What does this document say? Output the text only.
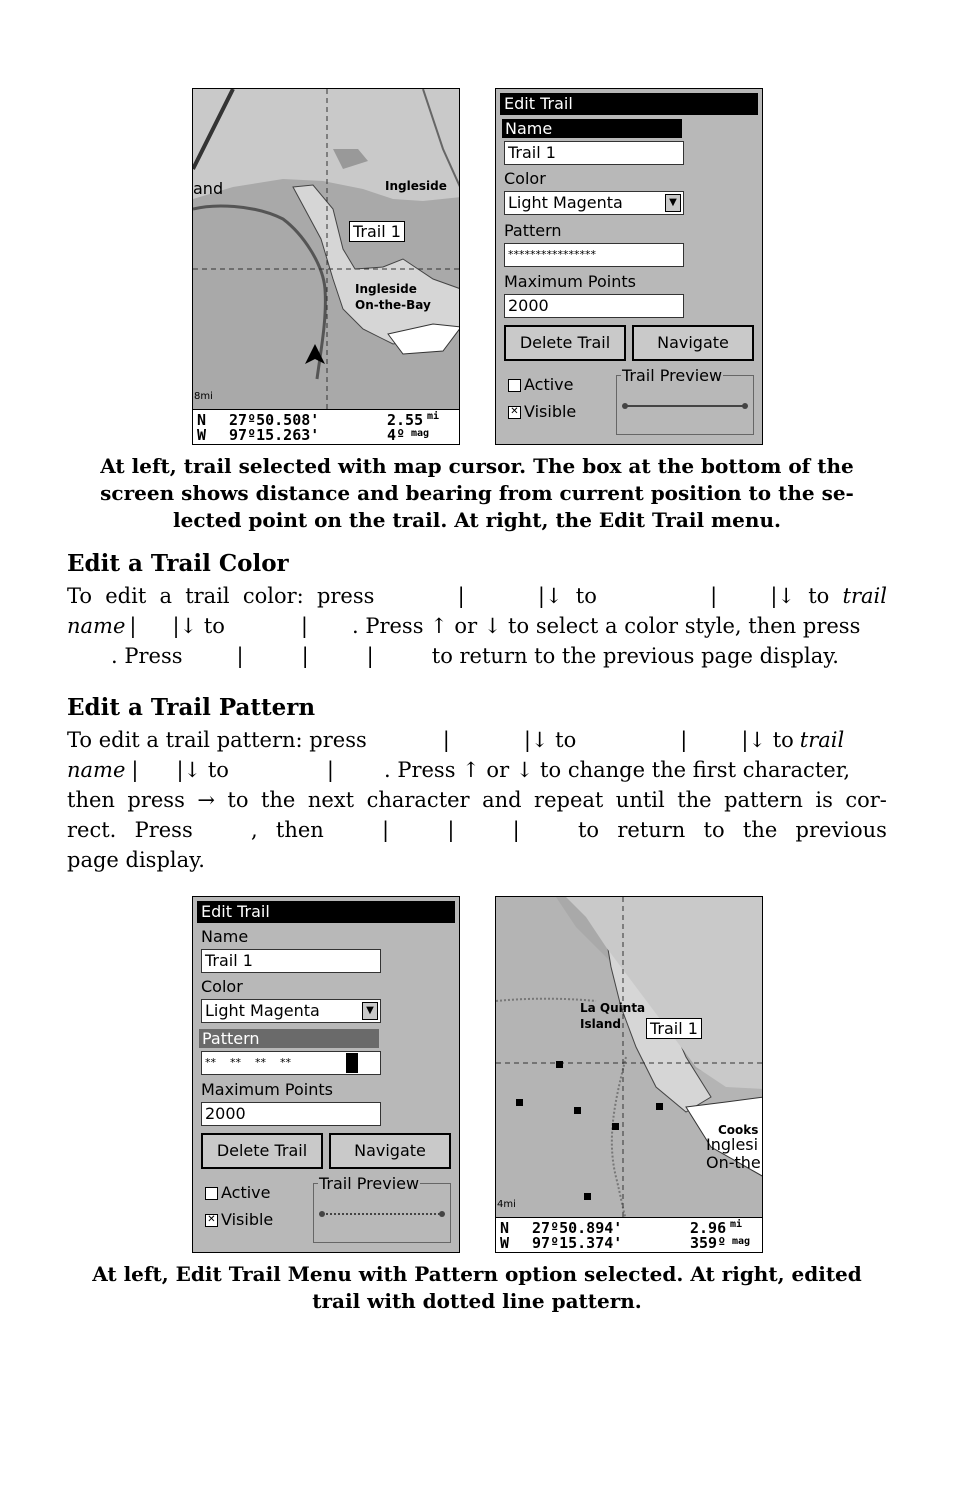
and	Ingleside
Ingleside
On-the-Bay
Trail 1
8mi
N 27º50.508'
W 97º15.263'
2.55 mi
4º mag
Edit Trail
Name
Trail 1
Color
Light Magenta	▼
Pattern
****************
Maximum Points
2000
Delete Trail	Navigate
Active
✕ Visible
Trail Preview
At left, trail selected with map cursor. The box at the bottom of the
screen shows distance and bearing from current position to the se-
lected point on the trail. At right, the Edit Trail menu.
Edit a Trail Color
To edit a trail color: press	|	|↓ to	|	|↓ to trail
name | |↓ to	| . Press ↑ or ↓ to select a color style, then press
. Press	|	|	|	to return to the previous page display.
Edit a Trail Pattern
To edit a trail pattern: press	|	|↓ to	|	|↓ to trail
name | |↓ to	| . Press ↑ or ↓ to change the first character,
then press → to the next character and repeat until the pattern is cor-
rect. Press	, then	|	|	|	to return to the previous
page display.
Edit Trail
Name
Trail 1
Color
Light Magenta	▼
Pattern
**    **    **    **
Maximum Points
2000
Delete Trail	Navigate
Active
✕ Visible
Trail Preview
La Quinta
Island Trail 1
Cooks
Inglesi
On-the
4mi
N 27º50.894'
W 97º15.374'
2.96 mi
359º mag
At left, Edit Trail Menu with Pattern option selected. At right, edited
trail with dotted line pattern.
